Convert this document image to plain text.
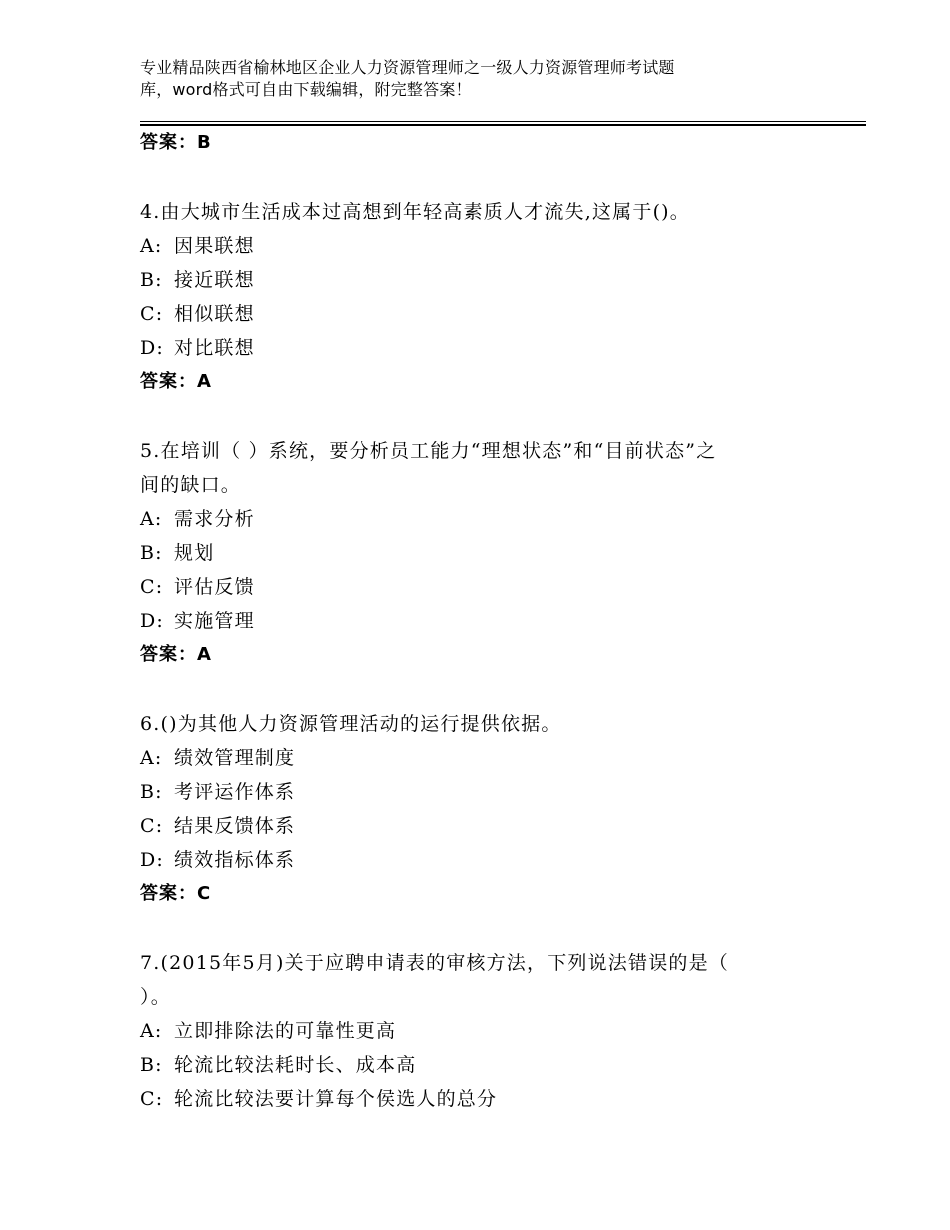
专业精品陕西省榆林地区企业人力资源管理师之一级人力资源管理师考试题
库，word格式可自由下载编辑，附完整答案！
答案：B
4.由大城市生活成本过高想到年轻高素质人才流失,这属于()。
A: 因果联想
B: 接近联想
C: 相似联想
D: 对比联想
答案：A
5.在培训（ ）系统，要分析员工能力“理想状态”和“目前状态”之
间的缺口。
A: 需求分析
B: 规划
C: 评估反馈
D: 实施管理
答案：A
6.()为其他人力资源管理活动的运行提供依据。
A: 绩效管理制度
B: 考评运作体系
C: 结果反馈体系
D: 绩效指标体系
答案：C
7.(2015年5月)关于应聘申请表的审核方法，下列说法错误的是（
）。
A: 立即排除法的可靠性更高
B: 轮流比较法耗时长、成本高
C: 轮流比较法要计算每个侯选人的总分
